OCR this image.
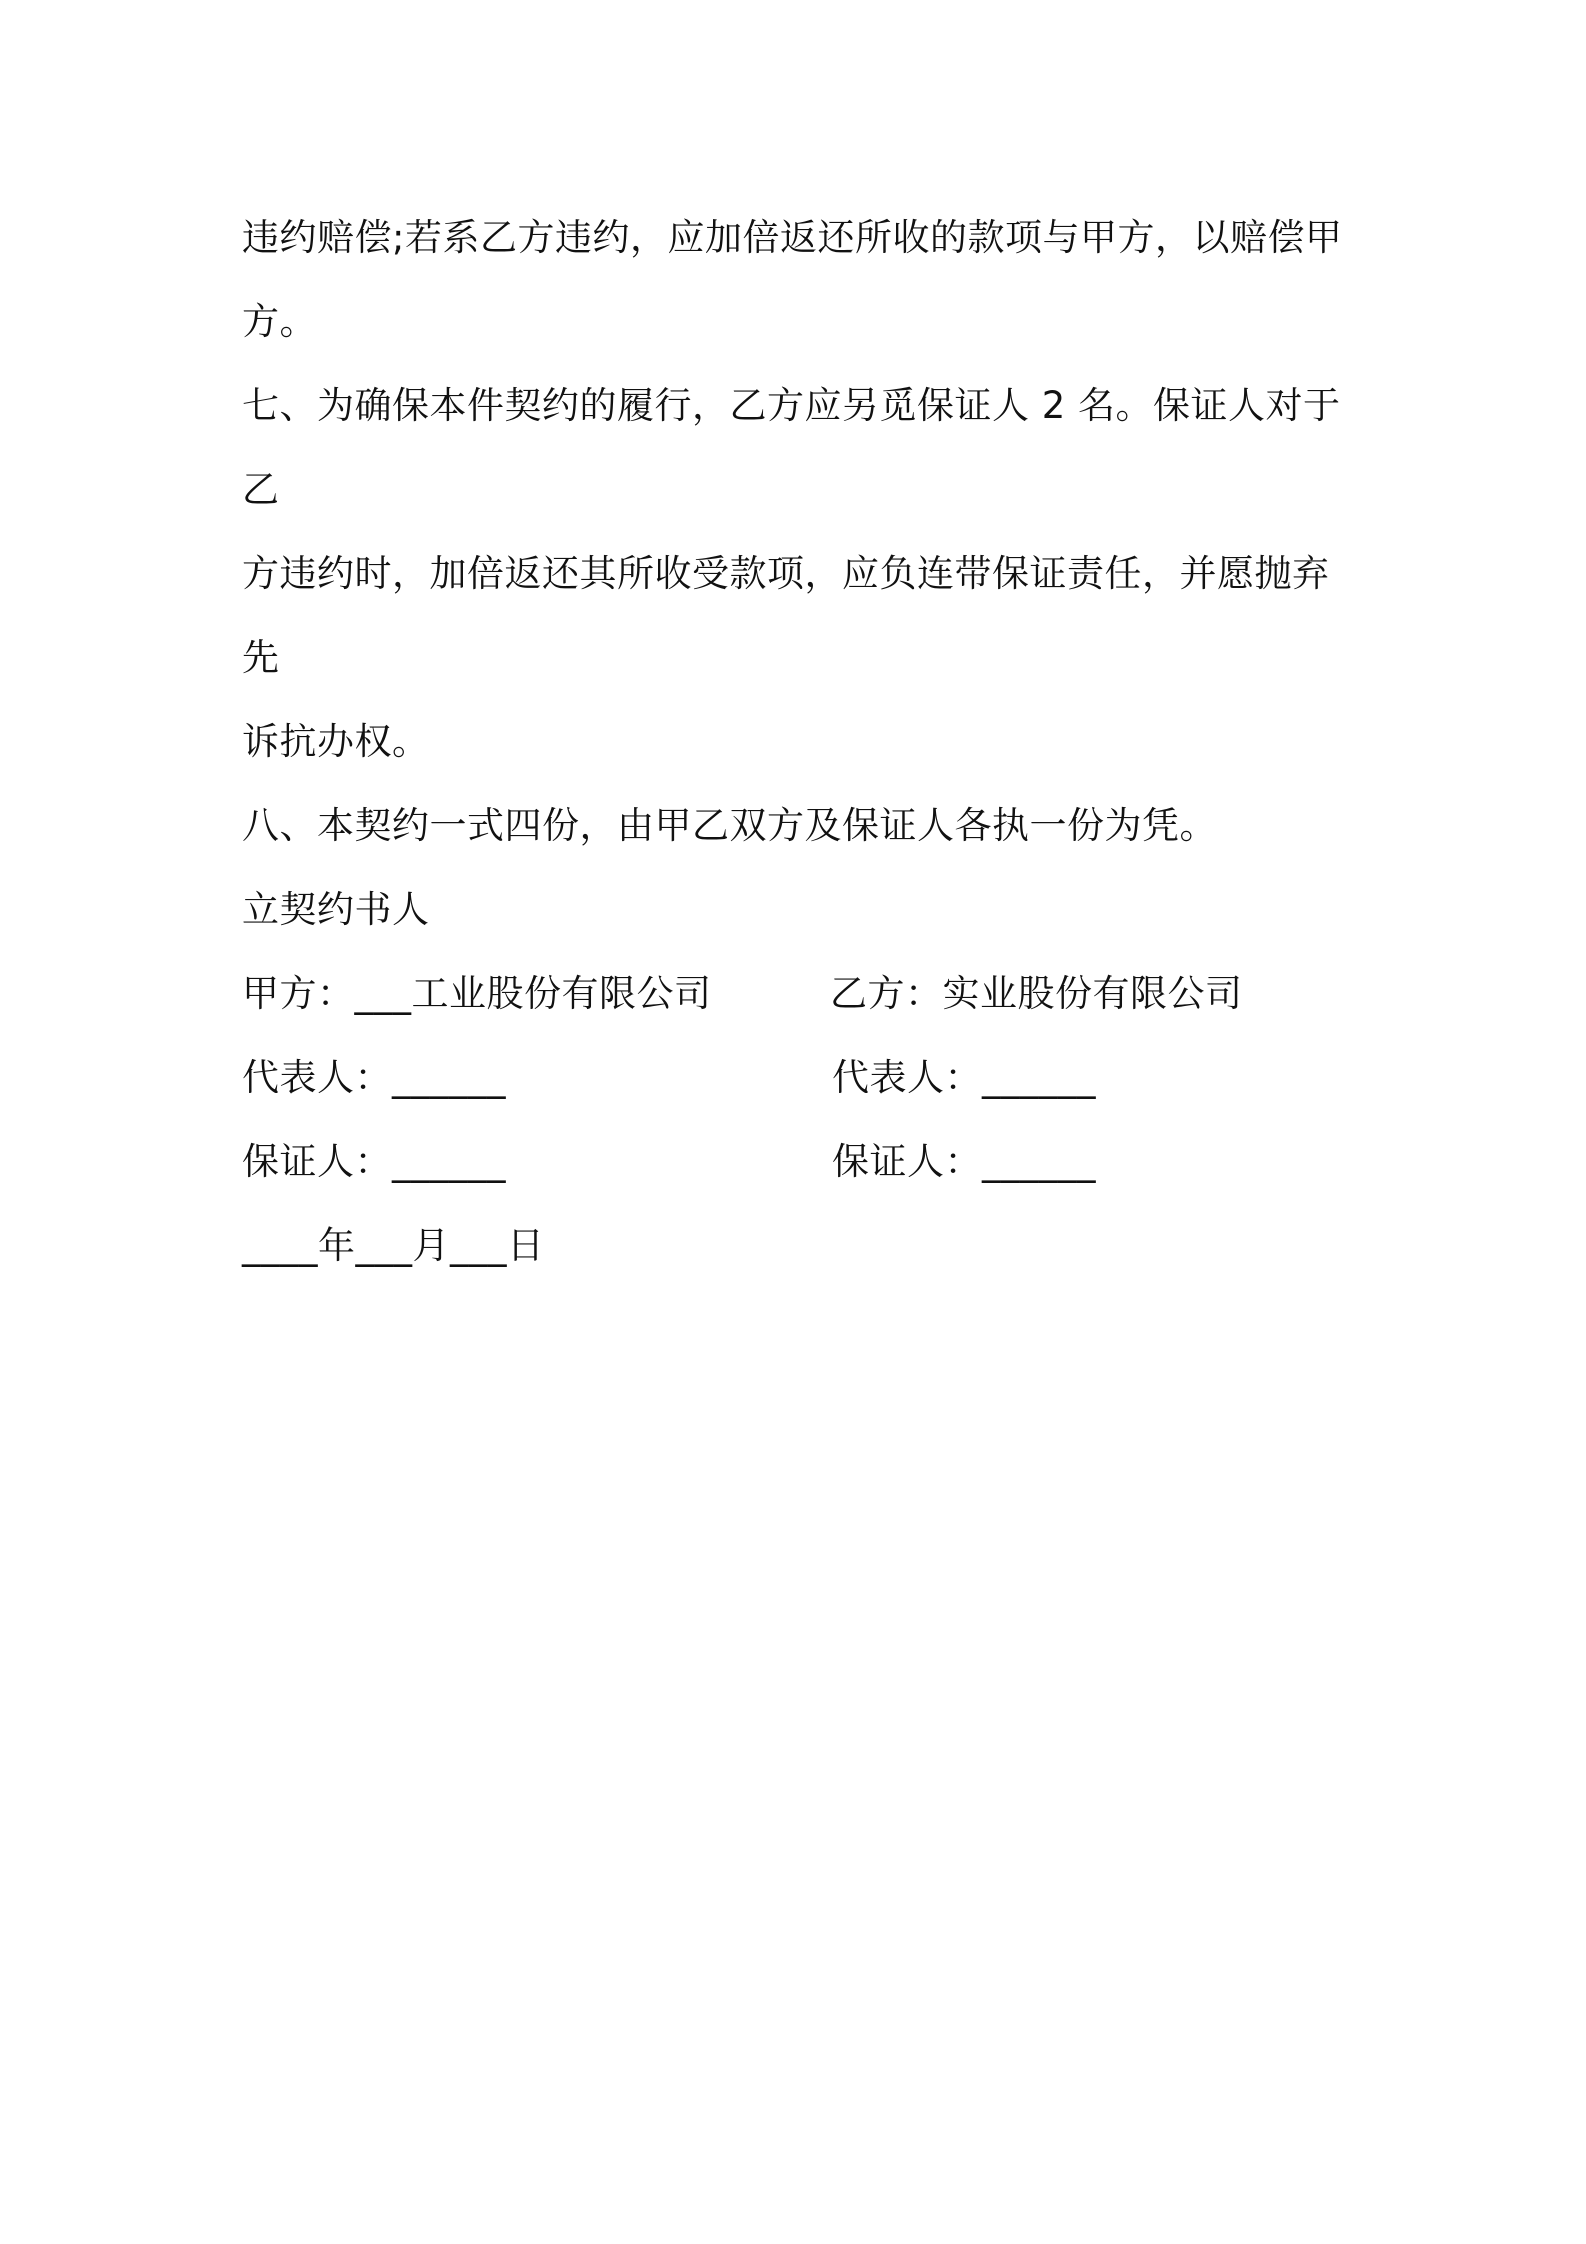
违约赔偿;若系乙方违约，应加倍返还所收的款项与甲方，以赔偿甲
方。
七、为确保本件契约的履行，乙方应另觅保证人 2 名。保证人对于乙
方违约时，加倍返还其所收受款项，应负连带保证责任，并愿抛弃先
诉抗办权。
八、本契约一式四份，由甲乙双方及保证人各执一份为凭。
立契约书人
甲方：___工业股份有限公司	乙方：实业股份有限公司
代表人：______	代表人：______
保证人：______	保证人：______
____年___月___日
